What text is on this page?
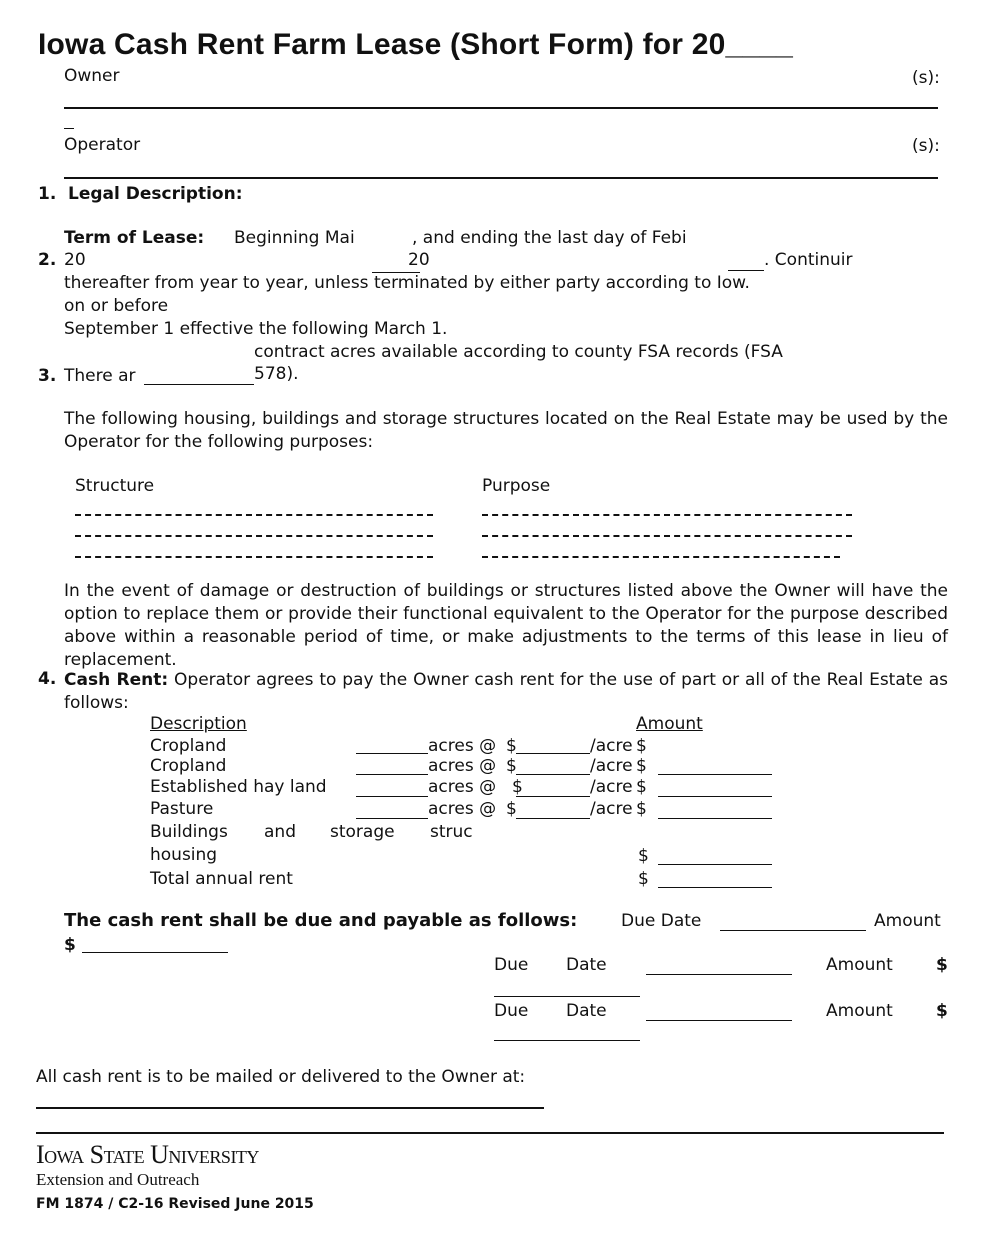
Iowa Cash Rent Farm Lease (Short Form) for 20____
Owner	(s):
Operator	(s):
1. Legal Description:
Term of Lease: Beginning Mai	, and ending the last day of Febi
2. 20	20	. Continuir
thereafter from year to year, unless terminated by either party according to Iow.
on or before
September 1 effective the following March 1.
contract acres available according to county FSA records (FSA
3. There ar	578).
The following housing, buildings and storage structures located on the Real Estate may be used by the Operator for the following purposes:
Structure	Purpose
In the event of damage or destruction of buildings or structures listed above the Owner will have the option to replace them or provide their functional equivalent to the Operator for the purpose described above within a reasonable period of time, or make adjustments to the terms of this lease in lieu of replacement.
4. Cash Rent: Operator agrees to pay the Owner cash rent for the use of part or all of the Real Estate as follows:
Description	Amount
Cropland	acres @ $	/acre $
Cropland	acres @ $	/acre $
Established hay land	acres @ $	/acre $
Pasture	acres @ $	/acre $
Buildings and storage struc
housing	$
Total annual rent	$
The cash rent shall be due and payable as follows:	Due Date	Amount
$
Due Date	Amount	$
Due Date	Amount	$
All cash rent is to be mailed or delivered to the Owner at:
Iowa State University
Extension and Outreach
FM 1874 / C2-16 Revised June 2015
